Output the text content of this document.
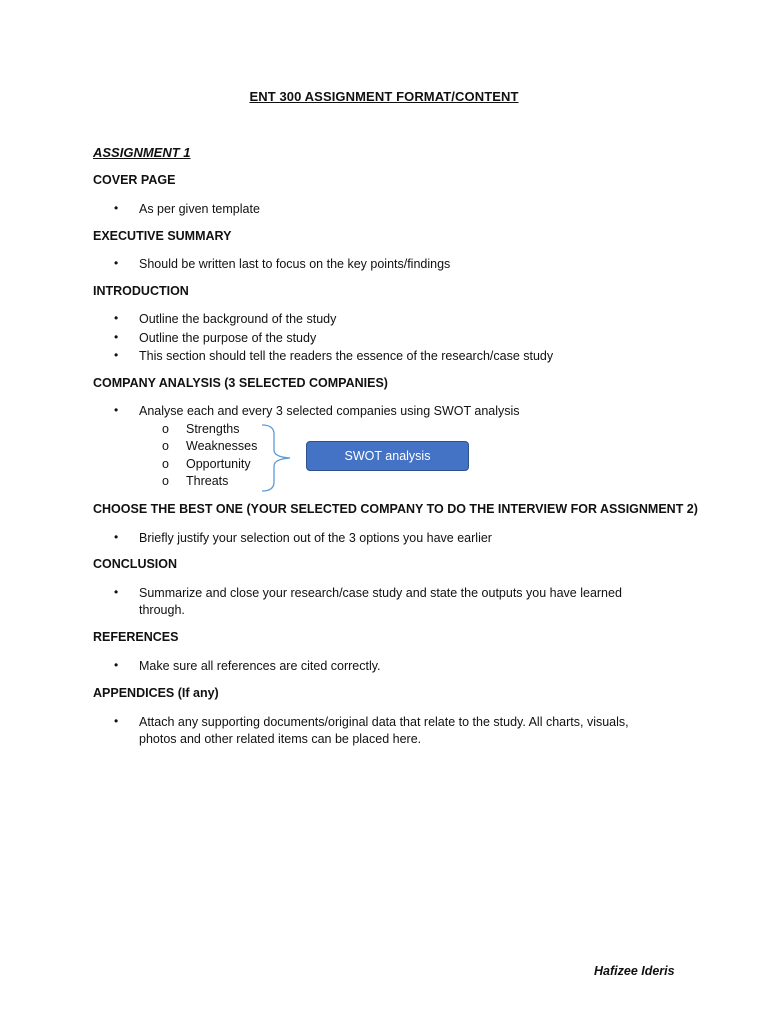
ENT 300 ASSIGNMENT FORMAT/CONTENT
ASSIGNMENT 1
COVER PAGE
• As per given template
EXECUTIVE SUMMARY
• Should be written last to focus on the key points/findings
INTRODUCTION
• Outline the background of the study
• Outline the purpose of the study
• This section should tell the readers the essence of the research/case study
COMPANY ANALYSIS (3 SELECTED COMPANIES)
• Analyse each and every 3 selected companies using SWOT analysis
o Strengths
o Weaknesses
o Opportunity
o Threats
SWOT analysis
CHOOSE THE BEST ONE (YOUR SELECTED COMPANY TO DO THE INTERVIEW FOR ASSIGNMENT 2)
• Briefly justify your selection out of the 3 options you have earlier
CONCLUSION
• Summarize and close your research/case study and state the outputs you have learned through.
REFERENCES
• Make sure all references are cited correctly.
APPENDICES (If any)
• Attach any supporting documents/original data that relate to the study. All charts, visuals, photos and other related items can be placed here.
Hafizee Ideris
